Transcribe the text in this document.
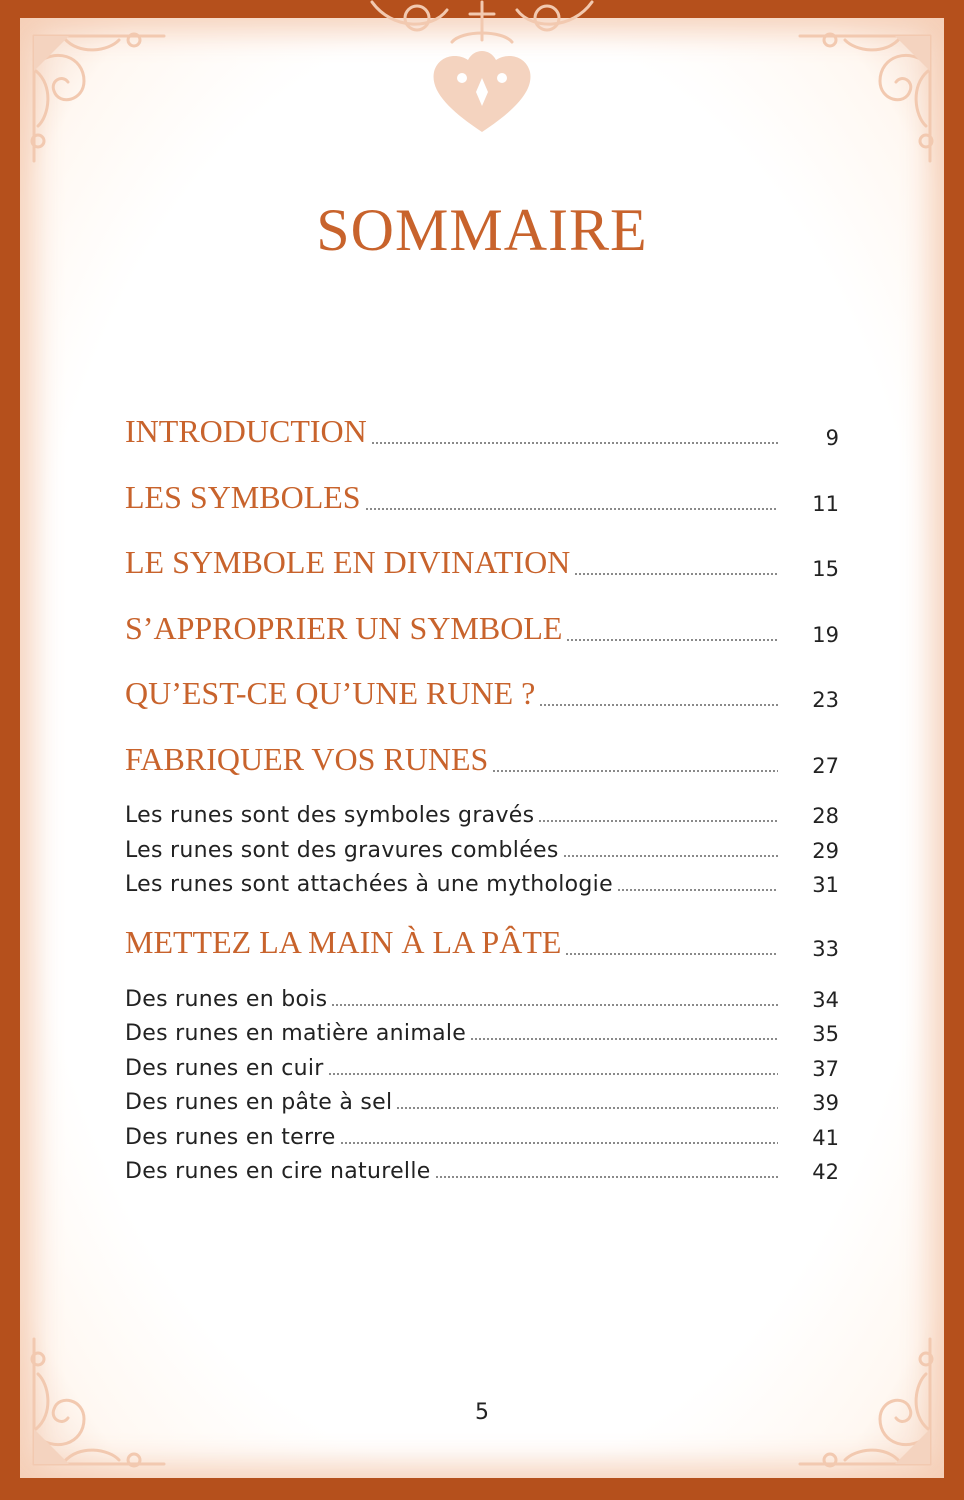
SOMMAIRE
INTRODUCTION	9
LES SYMBOLES	11
LE SYMBOLE EN DIVINATION	15
S’APPROPRIER UN SYMBOLE	19
QU’EST-CE QU’UNE RUNE ?	23
FABRIQUER VOS RUNES	27
Les runes sont des symboles gravés	28
Les runes sont des gravures comblées	29
Les runes sont attachées à une mythologie	31
METTEZ LA MAIN À LA PÂTE	33
Des runes en bois	34
Des runes en matière animale	35
Des runes en cuir	37
Des runes en pâte à sel	39
Des runes en terre	41
Des runes en cire naturelle	42
5
